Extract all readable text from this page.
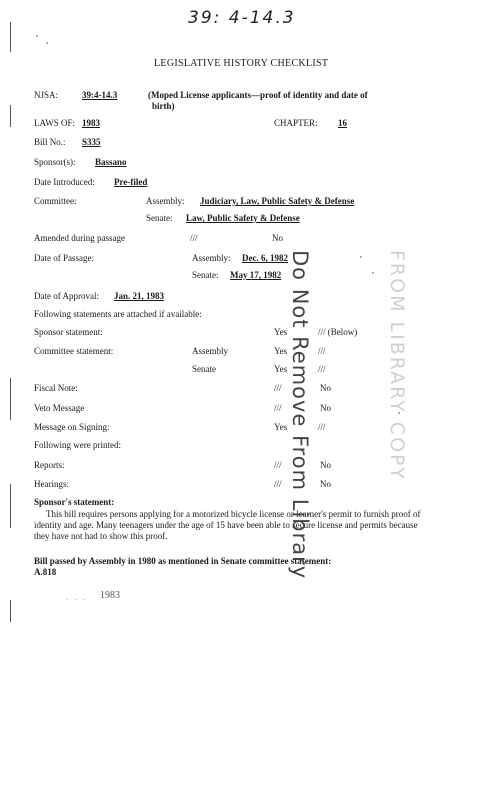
39: 4-14.3
LEGISLATIVE HISTORY CHECKLIST
NJSA:	39:4-14.3	(Moped License applicants—proof of identity and date of
birth)
LAWS OF: 1983	CHAPTER: 16
Bill No.: S335
Sponsor(s): Bassano
Date Introduced: Pre-filed
Committee:	Assembly: Judiciary, Law, Public Safety & Defense
Senate: Law, Public Safety & Defense
Amended during passage	///	No
Date of Passage:	Assembly: Dec. 6, 1982
Senate: May 17, 1982
Date of Approval: Jan. 21, 1983
Following statements are attached if available:
Sponsor statement:	Yes	/// (Below)
Committee statement:	Assembly	Yes	///
Senate	Yes	///
Fiscal Note:	///	No
Veto Message	///	No
Message on Signing:	Yes	///
Following were printed:
Reports:	///	No
Hearings:	///	No
Sponsor's statement:
This bill requires persons applying for a motorized bicycle license or learner's permit to furnish proof of identity and age. Many teenagers under the age of 15 have been able to secure license and permits because they have not had to show this proof.
Bill passed by Assembly in 1980 as mentioned in Senate committee statement:
A.818
. . . 1983
Do Not Remove From Library	FROM LIBRARY COPY
